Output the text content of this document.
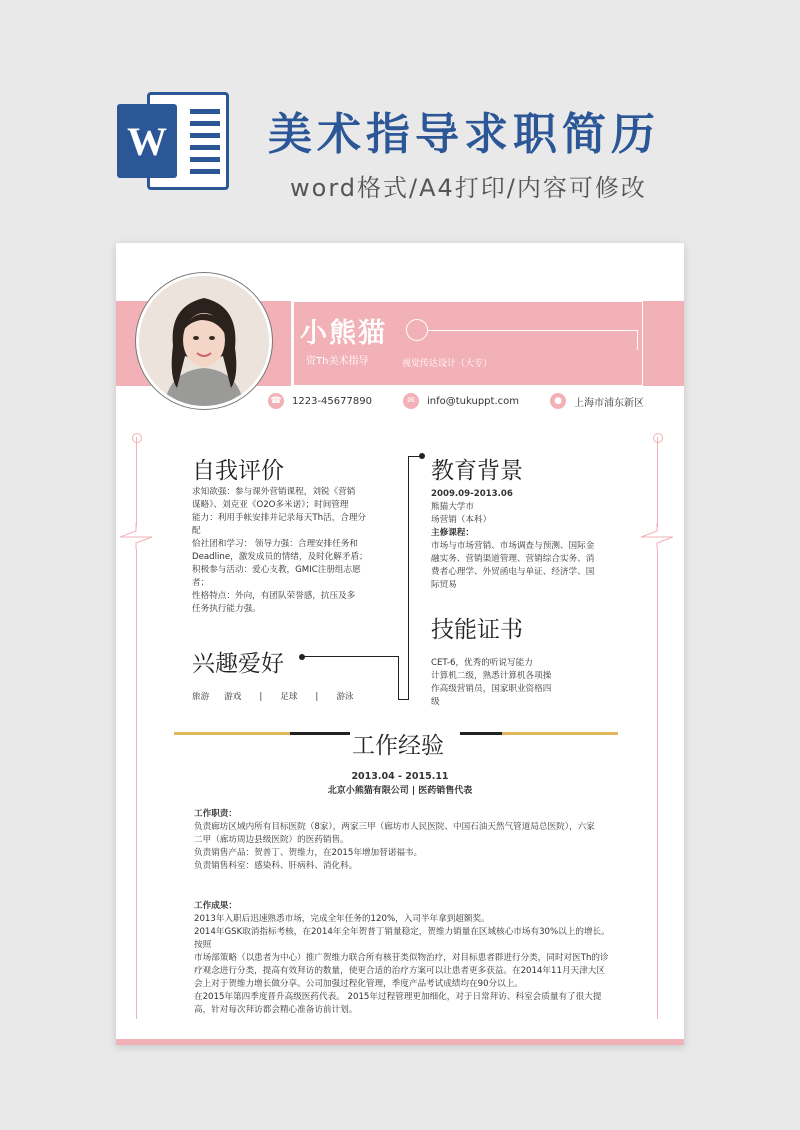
W 美术指导求职简历
word格式/A4打印/内容可修改
小熊猫
资Th美术指导	视觉传达设计（大专）
☎ 1223-45677890	✉	info@tukuppt.com	●	上海市浦东新区
自我评价

求知欲强：参与课外营销课程，刘锐《营销

谋略》、刘克亚《O2O多米诺》；时间管理

能力：利用手帐安排并记录每天Th活，合理分

配

恰社团和学习： 领导力强：合理安排任务和

Deadline，激发成员的情绪，及时化解矛盾；

积极参与活动：爱心支教，GMIC注册组志愿

者；

性格特点：外向，有团队荣誉感，抗压及多

任务执行能力强。

兴趣爱好
旅游 游戏 | 足球 | 游泳
教育背景

2009.09-2013.06

熊猫大学市

场营销（本科）

主修课程：

市场与市场营销、市场调查与预测、国际金

融实务、营销渠道管理、营销综合实务、消

费者心理学、外贸函电与单证、经济学、国

际贸易

技能证书

CET-6，优秀的听说写能力

计算机二级，熟悉计算机各项操

作高级营销员，国家职业资格四

级

工作经验
2013.04 - 2015.11
北京小熊猫有限公司 | 医药销售代表

工作职责：

负责廊坊区域内所有目标医院（8家），两家三甲（廊坊市人民医院、中国石油天然气管道局总医院），六家

二甲（廊坊周边县级医院）的医药销售。

负责销售产品：贺普丁、贺维力，在2015年增加替诺福韦。

负责销售科室：感染科、肝病科、消化科。

工作成果：

2013年入职后迅速熟悉市场，完成全年任务的120%，入司半年拿到超额奖。

2014年GSK取消指标考核，在2014年全年贺普丁销量稳定，贺维力销量在区域核心市场有30%以上的增长。按照

市场部策略（以患者为中心）推广贺维力联合所有核苷类似物治疗，对目标患者群进行分类，同时对医Th的诊

疗观念进行分类，提高有效拜访的数量，使更合适的治疗方案可以让患者更多获益。在2014年11月天津大区

会上对于贺维力增长做分享。公司加强过程化管理，季度产品考试成绩均在90分以上。

在2015年第四季度晋升高级医药代表。 2015年过程管理更加细化，对于日常拜访、科室会质量有了很大提

高，针对每次拜访都会精心准备访前计划。
